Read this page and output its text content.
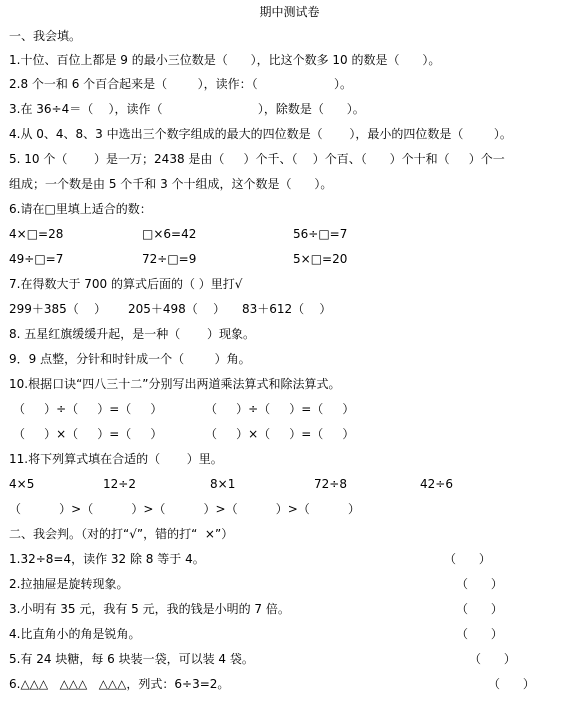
期中测试卷
一、我会填。
1.十位、百位上都是 9 的最小三位数是（      ），比这个数多 10 的数是（      ）。
2.8 个一和 6 个百合起来是（        ），读作：（                    ）。
3.在 36÷4＝（    ），读作（                         ），除数是（      ）。
4.从 0、4、8、3 中选出三个数字组成的最大的四位数是（       ），最小的四位数是（        ）。
5. 10 个（       ）是一万；2438 是由（     ）个千、（    ）个百、（      ）个十和（     ）个一
组成；一个数是由 5 个千和 3 个十组成，这个数是（      ）。
6.请在□里填上适合的数：
4×□=28	□×6=42	56÷□=7
49÷□=7	72÷□=9	5×□=20
7.在得数大于 700 的算式后面的（ ）里打√
299＋385（    ） 205＋498（    ） 83＋612（    ）
8. 五星红旗缓缓升起，是一种（       ）现象。
9．9 点整，分针和时针成一个（        ）角。
10.根据口诀“四八三十二”分别写出两道乘法算式和除法算式。
（     ）÷（     ）=（     ）	（     ）÷（     ）=（     ）
（     ）×（     ）=（     ）	（     ）×（     ）=（     ）
11.将下列算式填在合适的（       ）里。
4×5	12÷2	8×1	72÷8	42÷6
（          ）>（          ）>（          ）>（          ）>（          ）
二、我会判。（对的打“√”，错的打“  ×”）
1.32÷8=4，读作 32 除 8 等于 4。	（      ）
2.拉抽屉是旋转现象。	（      ）
3.小明有 35 元，我有 5 元，我的钱是小明的 7 倍。	（      ）
4.比直角小的角是锐角。	（      ）
5.有 24 块糖，每 6 块装一袋，可以装 4 袋。	（      ）
6.△△△   △△△   △△△，列式：6÷3=2。	（      ）
